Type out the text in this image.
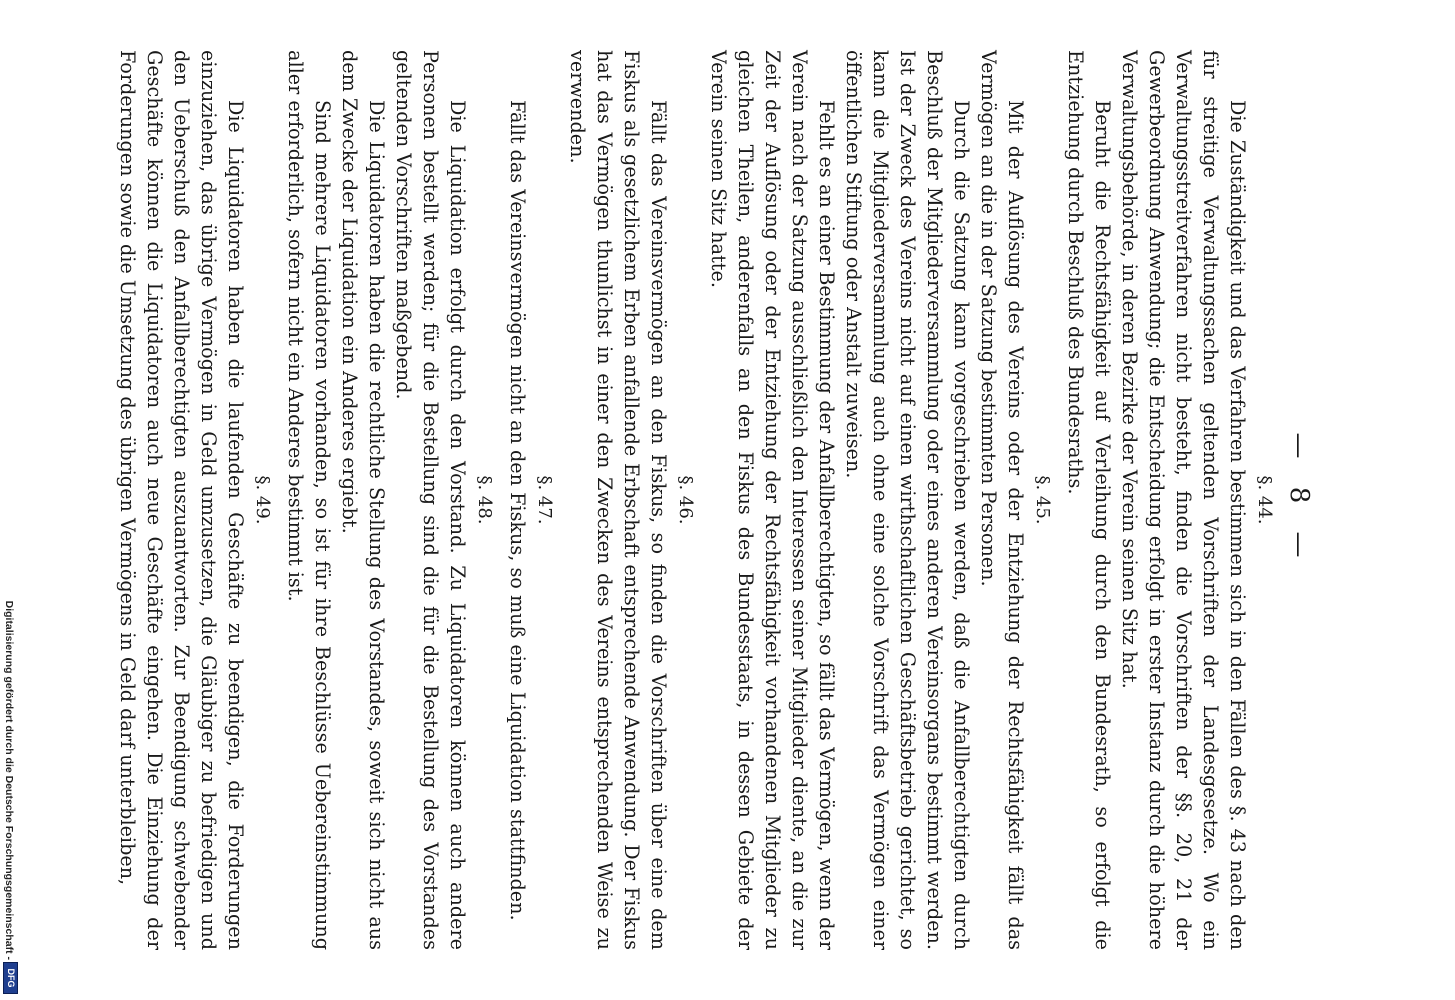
— 8 —
§. 44.

Die Zuständigkeit und das Verfahren bestimmen sich in den Fällen des §. 43 nach den für streitige Verwaltungssachen geltenden Vorschriften der Landesgesetze. Wo ein Verwaltungsstreitverfahren nicht besteht, finden die Vorschriften der §§. 20, 21 der Gewerbeordnung Anwendung; die Entscheidung erfolgt in erster Instanz durch die höhere Verwaltungsbehörde, in deren Bezirke der Verein seinen Sitz hat.

Beruht die Rechtsfähigkeit auf Verleihung durch den Bundesrath, so erfolgt die Entziehung durch Beschluß des Bundesraths.

§. 45.

Mit der Auflösung des Vereins oder der Entziehung der Rechtsfähigkeit fällt das Vermögen an die in der Satzung bestimmten Personen.

Durch die Satzung kann vorgeschrieben werden, daß die Anfallberechtigten durch Beschluß der Mitgliederversammlung oder eines anderen Vereinsorgans bestimmt werden. Ist der Zweck des Vereins nicht auf einen wirthschaftlichen Geschäftsbetrieb gerichtet, so kann die Mitgliederversammlung auch ohne eine solche Vorschrift das Vermögen einer öffentlichen Stiftung oder Anstalt zuweisen.

Fehlt es an einer Bestimmung der Anfallberechtigten, so fällt das Vermögen, wenn der Verein nach der Satzung ausschließlich den Interessen seiner Mitglieder diente, an die zur Zeit der Auflösung oder der Entziehung der Rechtsfähigkeit vorhandenen Mitglieder zu gleichen Theilen, anderenfalls an den Fiskus des Bundesstaats, in dessen Gebiete der Verein seinen Sitz hatte.

§. 46.

Fällt das Vereinsvermögen an den Fiskus, so finden die Vorschriften über eine dem Fiskus als gesetzlichem Erben anfallende Erbschaft entsprechende Anwendung. Der Fiskus hat das Vermögen thunlichst in einer den Zwecken des Vereins entsprechenden Weise zu verwenden.

§. 47.

Fällt das Vereinsvermögen nicht an den Fiskus, so muß eine Liquidation stattfinden.

§. 48.

Die Liquidation erfolgt durch den Vorstand. Zu Liquidatoren können auch andere Personen bestellt werden; für die Bestellung sind die für die Bestellung des Vorstandes geltenden Vorschriften maßgebend.

Die Liquidatoren haben die rechtliche Stellung des Vorstandes, soweit sich nicht aus dem Zwecke der Liquidation ein Anderes ergiebt.

Sind mehrere Liquidatoren vorhanden, so ist für ihre Beschlüsse Uebereinstimmung aller erforderlich, sofern nicht ein Anderes bestimmt ist.

§. 49.

Die Liquidatoren haben die laufenden Geschäfte zu beendigen, die Forderungen einzuziehen, das übrige Vermögen in Geld umzusetzen, die Gläubiger zu befriedigen und den Ueberschuß den Anfallberechtigten auszuantworten. Zur Beendigung schwebender Geschäfte können die Liquidatoren auch neue Geschäfte eingehen. Die Einziehung der Forderungen sowie die Umsetzung des übrigen Vermögens in Geld darf unterbleiben,

Digitalisierung gefördert durch die Deutsche Forschungsgemeinschaft -
DFG
